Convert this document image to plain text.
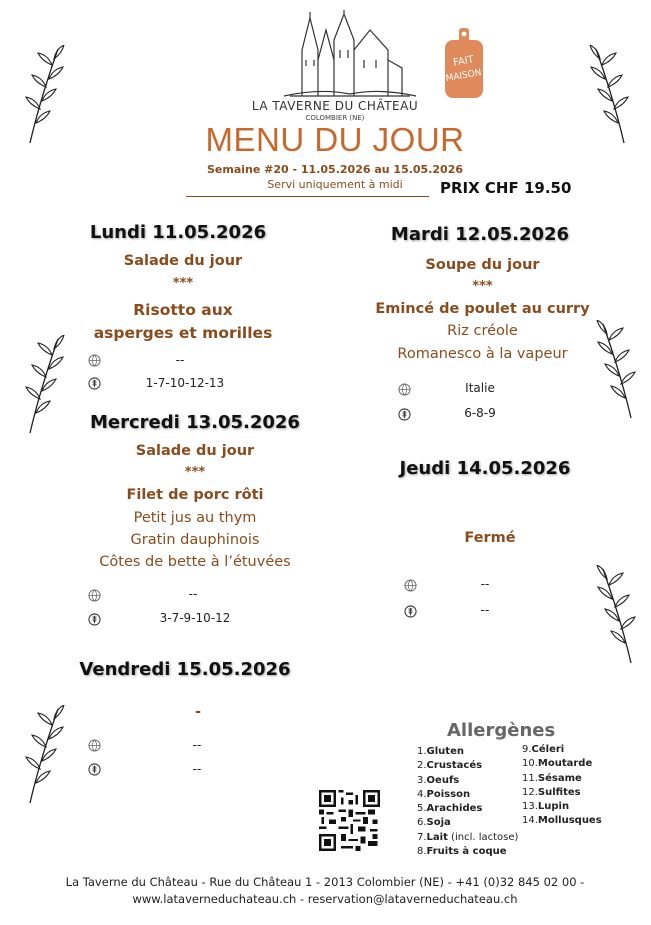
LA TAVERNE DU CHÂTEAU
COLOMBIER (NE)
FAIT
MAISON
MENU DU JOUR
Semaine #20 - 11.05.2026 au 15.05.2026
Servi uniquement à midi	PRIX CHF 19.50
Lundi 11.05.2026
Salade du jour
***
Risotto aux
asperges et morilles
--
1-7-10-12-13
Mardi 12.05.2026
Soupe du jour
***
Emincé de poulet au curry
Riz créole
Romanesco à la vapeur
Italie
6-8-9
Mercredi 13.05.2026
Salade du jour
***
Filet de porc rôti
Petit jus au thym
Gratin dauphinois
Côtes de bette à l’étuvées
--
3-7-9-10-12
Jeudi 14.05.2026
Fermé
--
--
Vendredi 15.05.2026
-
--
--
Allergènes
1.Gluten
2.Crustacés
3.Oeufs
4.Poisson
5.Arachides
6.Soja
7.Lait (incl. lactose)
8.Fruits à coque
9.Céleri
10.Moutarde
11.Sésame
12.Sulfites
13.Lupin
14.Mollusques
La Taverne du Château - Rue du Château 1 - 2013 Colombier (NE) - +41 (0)32 845 02 00 -
www.lataverneduchateau.ch - reservation@lataverneduchateau.ch
